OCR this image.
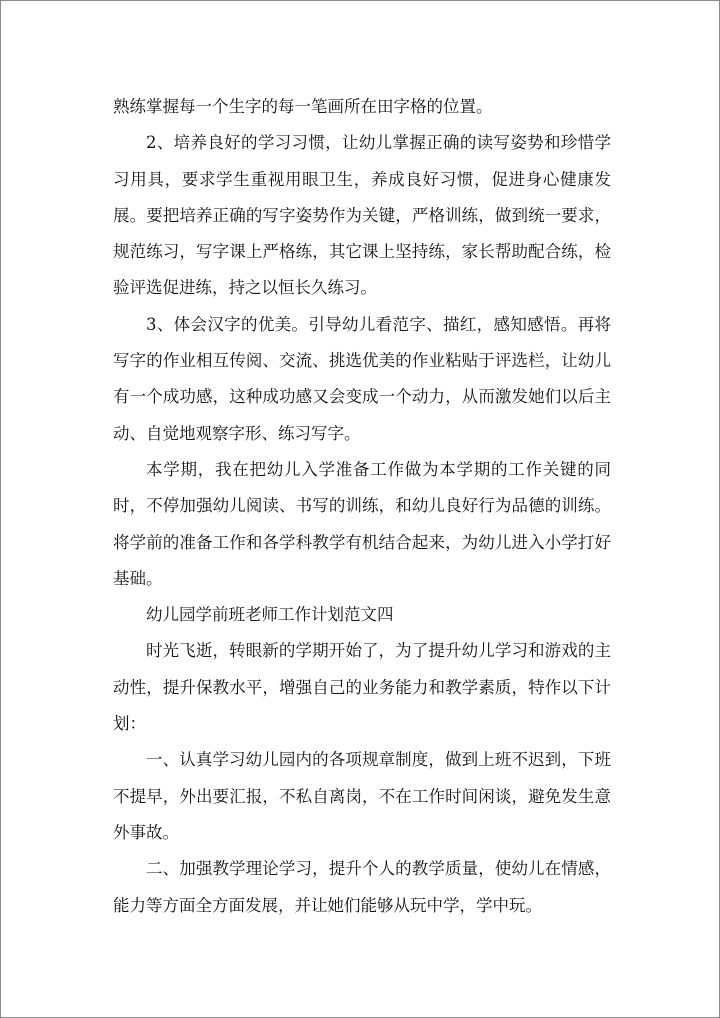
熟练掌握每一个生字的每一笔画所在田字格的位置。

2、培养良好的学习习惯，让幼儿掌握正确的读写姿势和珍惜学习用具，要求学生重视用眼卫生，养成良好习惯，促进身心健康发展。要把培养正确的写字姿势作为关键，严格训练，做到统一要求，规范练习，写字课上严格练，其它课上坚持练，家长帮助配合练，检验评选促进练，持之以恒长久练习。

3、体会汉字的优美。引导幼儿看范字、描红，感知感悟。再将写字的作业相互传阅、交流、挑选优美的作业粘贴于评选栏，让幼儿有一个成功感，这种成功感又会变成一个动力，从而激发她们以后主动、自觉地观察字形、练习写字。

本学期，我在把幼儿入学准备工作做为本学期的工作关键的同时，不停加强幼儿阅读、书写的训练，和幼儿良好行为品德的训练。将学前的准备工作和各学科教学有机结合起来，为幼儿进入小学打好基础。

幼儿园学前班老师工作计划范文四

时光飞逝，转眼新的学期开始了，为了提升幼儿学习和游戏的主动性，提升保教水平，增强自己的业务能力和教学素质，特作以下计划：

一、认真学习幼儿园内的各项规章制度，做到上班不迟到，下班不提早，外出要汇报，不私自离岗，不在工作时间闲谈，避免发生意外事故。

二、加强教学理论学习，提升个人的教学质量，使幼儿在情感，能力等方面全方面发展，并让她们能够从玩中学，学中玩。
